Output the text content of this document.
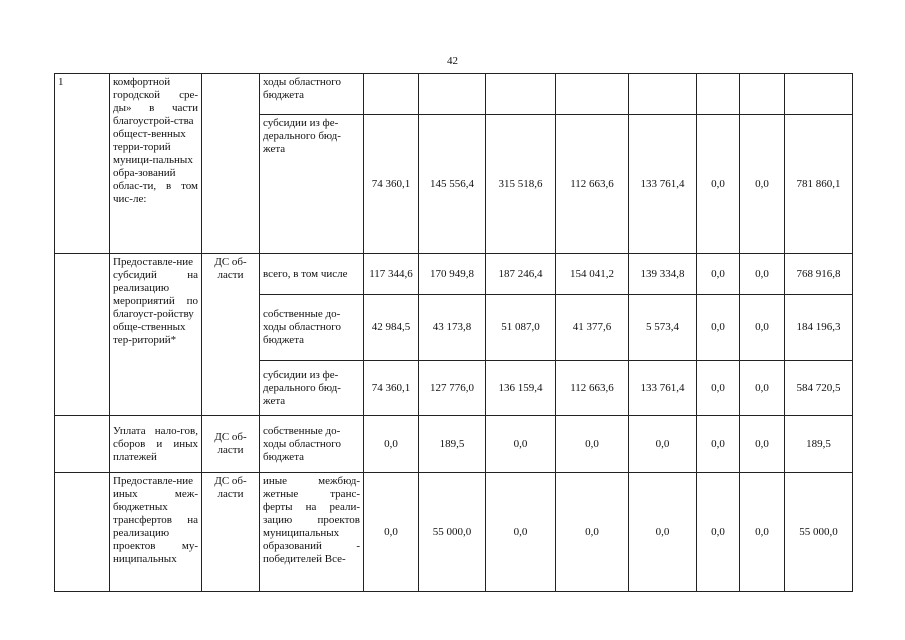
42
1	комфортной городской сре-ды» в части благоустрой-ства общест-венных терри-торий муници-пальных обра-зований облас-ти, в том чис-ле:		ходы областного бюджета								
			субсидии из фе-дерального бюд-жета	74 360,1	145 556,4	315 518,6	112 663,6	133 761,4	0,0	0,0	781 860,1
	Предоставле-ние субсидий на реализацию мероприятий по благоуст-ройству обще-ственных тер-риторий*	ДС об-ласти	всего, в том числе	117 344,6	170 949,8	187 246,4	154 041,2	139 334,8	0,0	0,0	768 916,8
			собственные до-ходы областного бюджета	42 984,5	43 173,8	51 087,0	41 377,6	5 573,4	0,0	0,0	184 196,3
			субсидии из фе-дерального бюд-жета	74 360,1	127 776,0	136 159,4	112 663,6	133 761,4	0,0	0,0	584 720,5
	Уплата нало-гов, сборов и иных платежей	ДС об-ласти	собственные до-ходы областного бюджета	0,0	189,5	0,0	0,0	0,0	0,0	0,0	189,5
	Предоставле-ние иных меж-бюджетных трансфертов на реализацию проектов му-ниципальных	ДС об-ласти	иные межбюд-жетные транс-ферты на реали-зацию проектов муниципальных образований - победителей Все-	0,0	55 000,0	0,0	0,0	0,0	0,0	0,0	55 000,0
